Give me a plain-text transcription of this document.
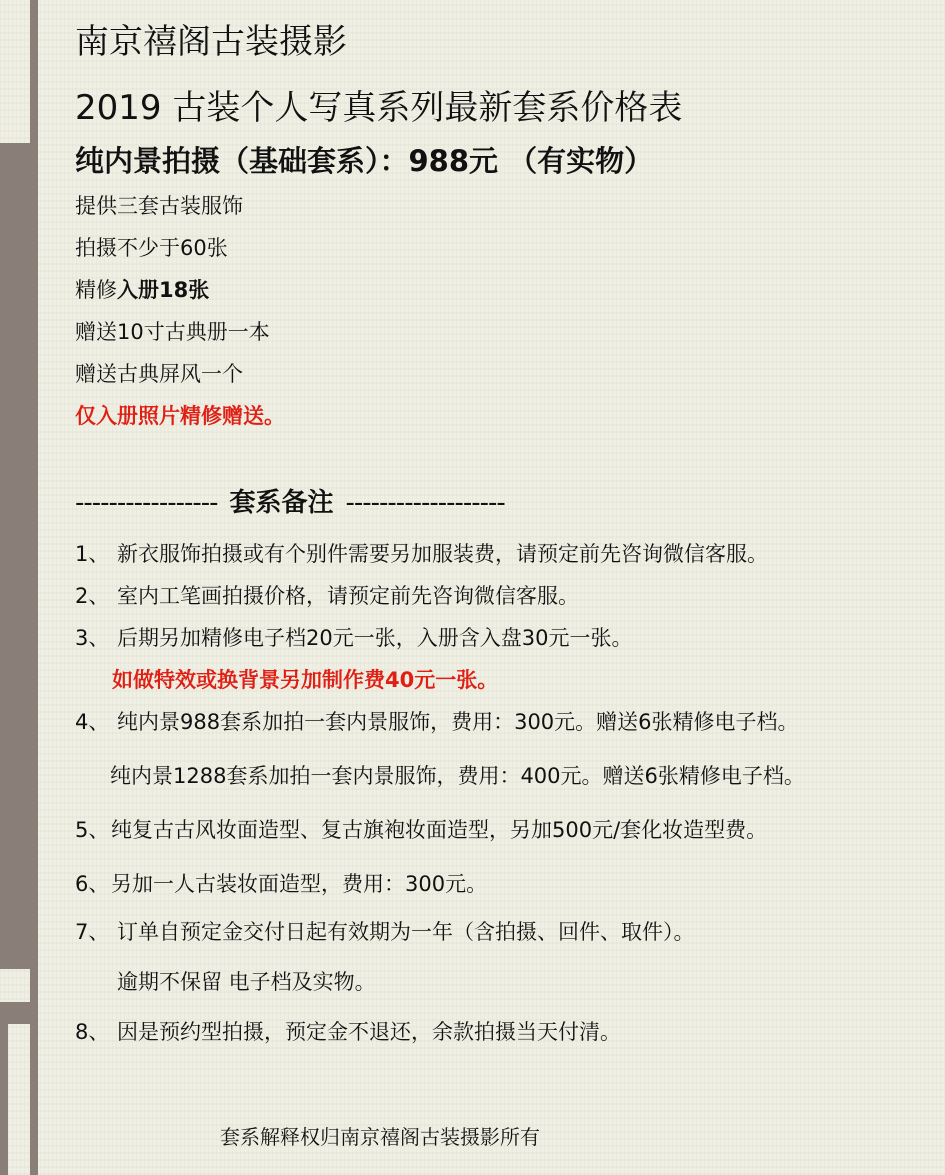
南京禧阁古装摄影
2019 古装个人写真系列最新套系价格表
纯内景拍摄（基础套系）：988元 （有实物）
提供三套古装服饰
拍摄不少于60张
精修入册18张
赠送10寸古典册一本
赠送古典屏风一个
仅入册照片精修赠送。
----------------- 套系备注 -------------------
1、 新衣服饰拍摄或有个别件需要另加服装费，请预定前先咨询微信客服。
2、 室内工笔画拍摄价格，请预定前先咨询微信客服。
3、 后期另加精修电子档20元一张，入册含入盘30元一张。
如做特效或换背景另加制作费40元一张。
4、 纯内景988套系加拍一套内景服饰，费用：300元。赠送6张精修电子档。
纯内景1288套系加拍一套内景服饰，费用：400元。赠送6张精修电子档。
5、纯复古古风妆面造型、复古旗袍妆面造型，另加500元/套化妆造型费。
6、另加一人古装妆面造型，费用：300元。
7、 订单自预定金交付日起有效期为一年（含拍摄、回件、取件）。
逾期不保留 电子档及实物。
8、 因是预约型拍摄，预定金不退还，余款拍摄当天付清。
套系解释权归南京禧阁古装摄影所有
